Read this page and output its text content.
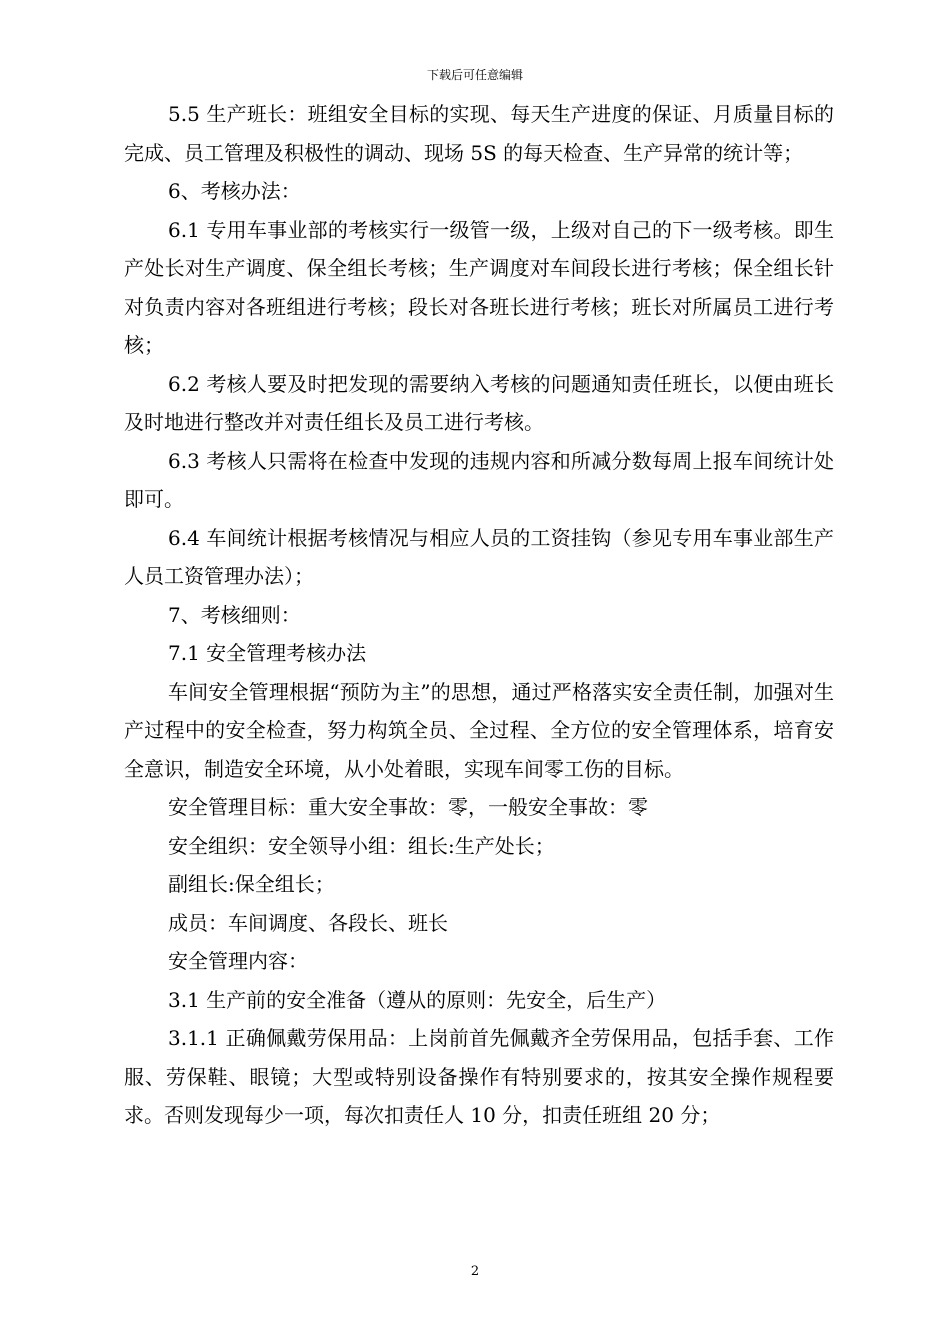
下载后可任意编辑

5.5 生产班长：班组安全目标的实现、每天生产进度的保证、月质量目标的完成、员工管理及积极性的调动、现场 5S 的每天检查、生产异常的统计等；

6、考核办法：

6.1 专用车事业部的考核实行一级管一级，上级对自己的下一级考核。即生产处长对生产调度、保全组长考核；生产调度对车间段长进行考核；保全组长针对负责内容对各班组进行考核；段长对各班长进行考核；班长对所属员工进行考核；

6.2 考核人要及时把发现的需要纳入考核的问题通知责任班长，以便由班长及时地进行整改并对责任组长及员工进行考核。

6.3 考核人只需将在检查中发现的违规内容和所减分数每周上报车间统计处即可。

6.4 车间统计根据考核情况与相应人员的工资挂钩（参见专用车事业部生产人员工资管理办法）；

7、考核细则：

7.1 安全管理考核办法

车间安全管理根据“预防为主”的思想，通过严格落实安全责任制，加强对生产过程中的安全检查，努力构筑全员、全过程、全方位的安全管理体系，培育安全意识，制造安全环境，从小处着眼，实现车间零工伤的目标。

安全管理目标：重大安全事故：零，一般安全事故：零

安全组织：安全领导小组：组长:生产处长；

副组长:保全组长；

成员：车间调度、各段长、班长

安全管理内容：

3.1 生产前的安全准备（遵从的原则：先安全，后生产）

3.1.1 正确佩戴劳保用品：上岗前首先佩戴齐全劳保用品，包括手套、工作服、劳保鞋、眼镜；大型或特别设备操作有特别要求的，按其安全操作规程要求。否则发现每少一项，每次扣责任人 10 分，扣责任班组 20 分；

2
